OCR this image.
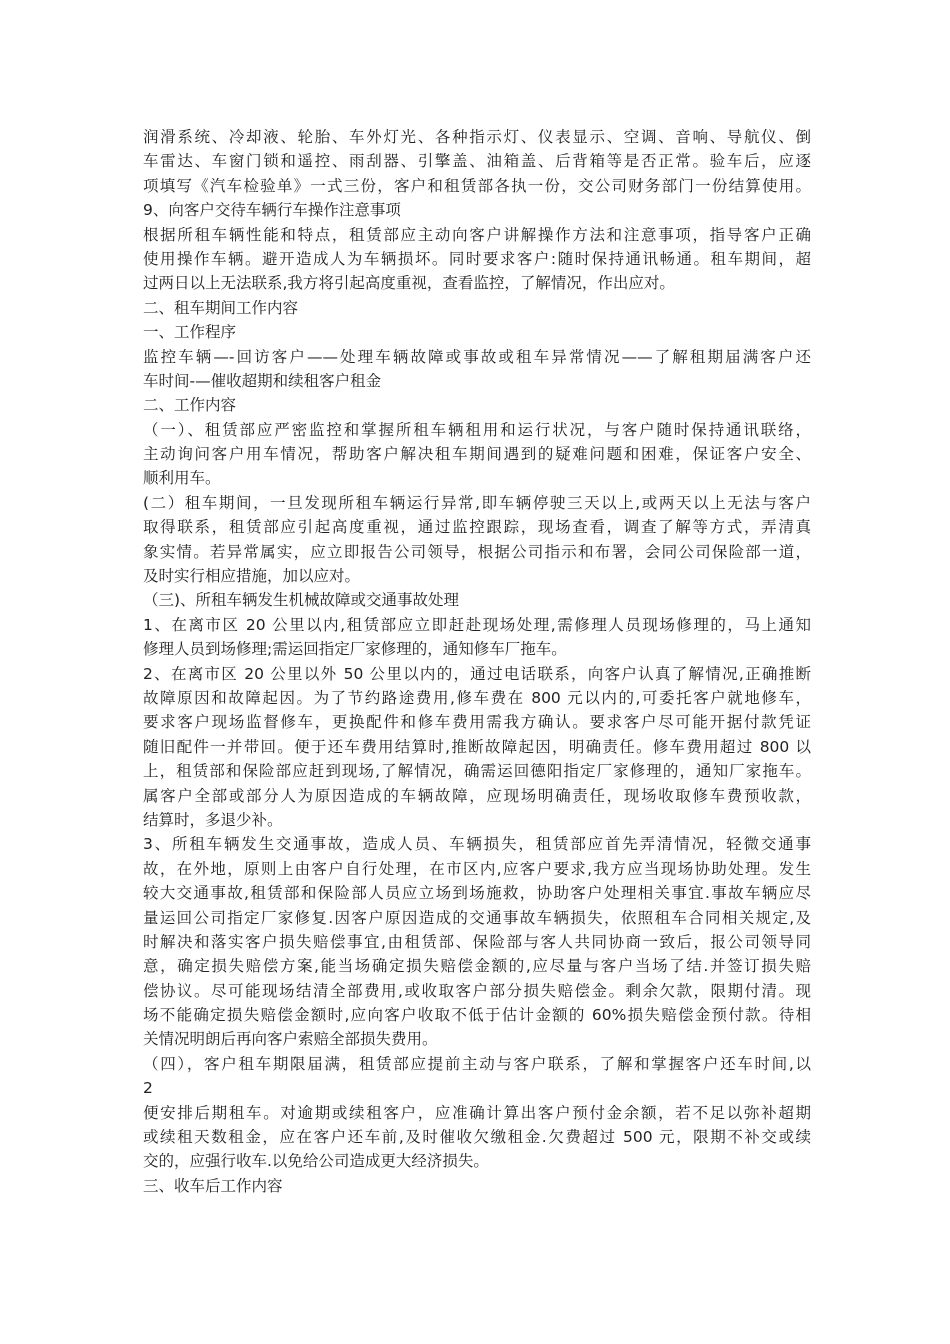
润滑系统、冷却液、轮胎、车外灯光、各种指示灯、仪表显示、空调、音响、导航仪、倒
车雷达、车窗门锁和遥控、雨刮器、引擎盖、油箱盖、后背箱等是否正常。验车后，应逐
项填写《汽车检验单》一式三份，客户和租赁部各执一份，交公司财务部门一份结算使用。
9、向客户交待车辆行车操作注意事项
根据所租车辆性能和特点，租赁部应主动向客户讲解操作方法和注意事项，指导客户正确
使用操作车辆。避开造成人为车辆损坏。同时要求客户:随时保持通讯畅通。租车期间，超
过两日以上无法联系,我方将引起高度重视，查看监控，了解情况，作出应对。
二、租车期间工作内容
一、工作程序
监控车辆—-回访客户——处理车辆故障或事故或租车异常情况——了解租期届满客户还
车时间-—催收超期和续租客户租金
二、工作内容
（一）、租赁部应严密监控和掌握所租车辆租用和运行状况，与客户随时保持通讯联络，
主动询问客户用车情况，帮助客户解决租车期间遇到的疑难问题和困难，保证客户安全、
顺利用车。
(二）租车期间，一旦发现所租车辆运行异常,即车辆停驶三天以上,或两天以上无法与客户
取得联系，租赁部应引起高度重视，通过监控跟踪，现场查看，调查了解等方式，弄清真
象实情。若异常属实，应立即报告公司领导，根据公司指示和布署，会同公司保险部一道，
及时实行相应措施，加以应对。
（三)、所租车辆发生机械故障或交通事故处理
1、在离市区 20 公里以内,租赁部应立即赶赴现场处理,需修理人员现场修理的，马上通知
修理人员到场修理;需运回指定厂家修理的，通知修车厂拖车。
2、在离市区 20 公里以外 50 公里以内的，通过电话联系，向客户认真了解情况,正确推断
故障原因和故障起因。为了节约路途费用,修车费在 800 元以内的,可委托客户就地修车，
要求客户现场监督修车，更换配件和修车费用需我方确认。要求客户尽可能开据付款凭证
随旧配件一并带回。便于还车费用结算时,推断故障起因，明确责任。修车费用超过 800 以
上，租赁部和保险部应赶到现场,了解情况，确需运回德阳指定厂家修理的，通知厂家拖车。
属客户全部或部分人为原因造成的车辆故障，应现场明确责任，现场收取修车费预收款，
结算时，多退少补。
3、所租车辆发生交通事故，造成人员、车辆损失，租赁部应首先弄清情况，轻微交通事
故，在外地，原则上由客户自行处理，在市区内,应客户要求,我方应当现场协助处理。发生
较大交通事故,租赁部和保险部人员应立场到场施救，协助客户处理相关事宜.事故车辆应尽
量运回公司指定厂家修复.因客户原因造成的交通事故车辆损失，依照租车合同相关规定,及
时解决和落实客户损失赔偿事宜,由租赁部、保险部与客人共同协商一致后，报公司领导同
意，确定损失赔偿方案,能当场确定损失赔偿金额的,应尽量与客户当场了结.并签订损失赔
偿协议。尽可能现场结清全部费用,或收取客户部分损失赔偿金。剩余欠款，限期付清。现
场不能确定损失赔偿金额时,应向客户收取不低于估计金额的 60%损失赔偿金预付款。待相
关情况明朗后再向客户索赔全部损失费用。
（四），客户租车期限届满，租赁部应提前主动与客户联系，了解和掌握客户还车时间,以
2
便安排后期租车。对逾期或续租客户，应准确计算出客户预付金余额，若不足以弥补超期
或续租天数租金，应在客户还车前,及时催收欠缴租金.欠费超过 500 元，限期不补交或续
交的，应强行收车.以免给公司造成更大经济损失。
三、收车后工作内容
